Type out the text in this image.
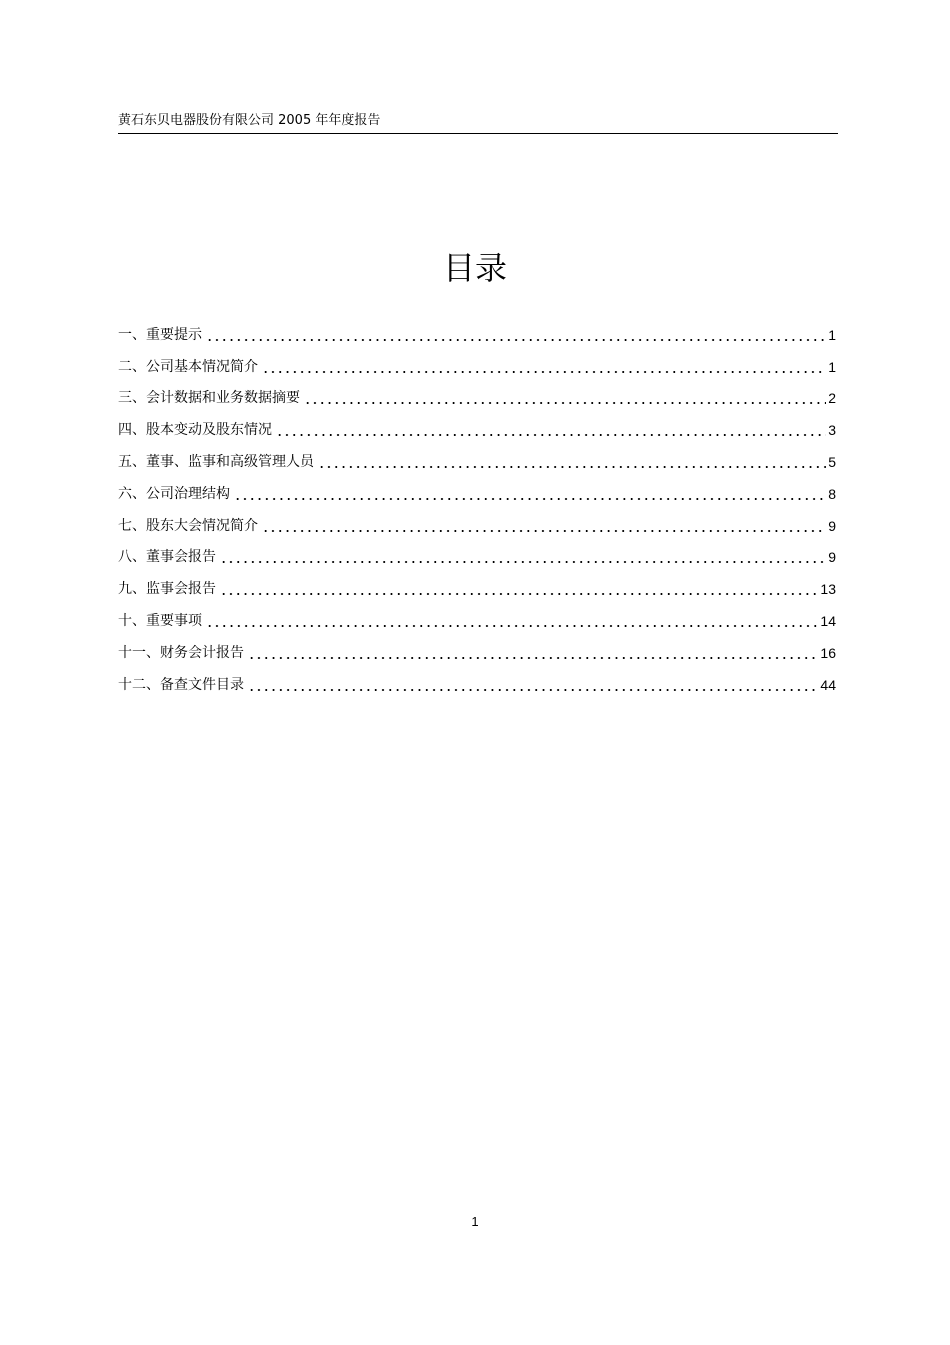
黄石东贝电器股份有限公司 2005 年年度报告
目录
一、重要提示	1
二、公司基本情况简介	1
三、会计数据和业务数据摘要	2
四、股本变动及股东情况	3
五、董事、监事和高级管理人员	5
六、公司治理结构	8
七、股东大会情况简介	9
八、董事会报告	9
九、监事会报告	13
十、重要事项	14
十一、财务会计报告	16
十二、备查文件目录	44
1
